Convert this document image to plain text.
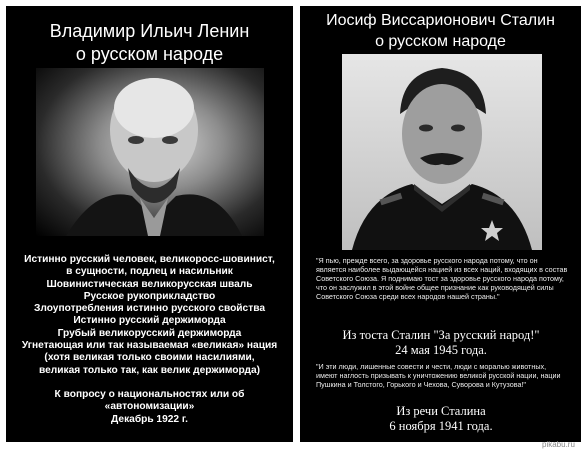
Владимир Ильич Ленин
о русском народе
Истинно русский человек, великоросс-шовинист,
в сущности, подлец и насильник
Шовинистическая великорусская шваль
Русское рукоприкладство
Злоупотребления истинно русского свойства
Истинно русский держиморда
Грубый великорусский держиморда
Угнетающая или так называемая «великая» нация
(хотя великая только своими насилиями,
великая только так, как велик держиморда)
К вопросу о национальностях или об
«автономизации»
Декабрь 1922 г.
Иосиф Виссарионович Сталин
о русском народе
"Я пью, прежде всего, за здоровье русского народа потому, что он является наиболее выдающейся нацией из всех наций, входящих в состав Советского Союза. Я поднимаю тост за здоровье русского народа потому, что он заслужил в этой войне общее признание как руководящей силы Советского Союза среди всех народов нашей страны."
Из тоста Сталин "За русский народ!"
24 мая 1945 года.
"И эти люди, лишенные совести и чести, люди с моралью животных, имеют наглость призывать к уничтожению великой русской нации, нации Пушкина и Толстого, Горького и Чехова, Суворова и Кутузова!"
Из речи Сталина
6 ноября 1941 года.
pikabu.ru
